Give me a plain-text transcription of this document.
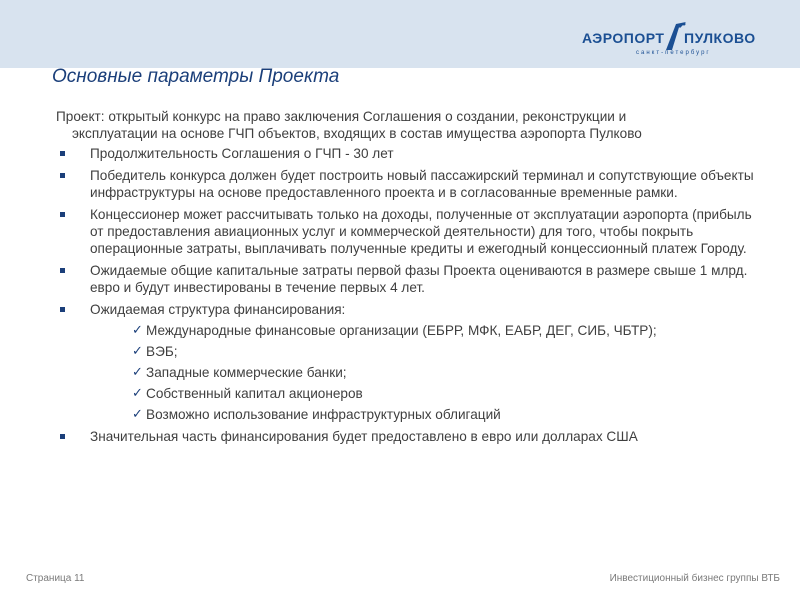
АЭРОПОРТ ПУЛКОВО
санкт-петербург
Основные параметры Проекта
Проект: открытый конкурс на право заключения Соглашения о создании, реконструкции и
эксплуатации на основе ГЧП объектов, входящих в состав имущества аэропорта Пулково
Продолжительность Соглашения о ГЧП - 30 лет
Победитель конкурса должен будет построить новый пассажирский терминал и сопутствующие объекты инфраструктуры на основе предоставленного проекта и в согласованные временные рамки.
Концессионер может рассчитывать только на доходы, полученные от эксплуатации аэропорта (прибыль от предоставления авиационных услуг и коммерческой деятельности) для того, чтобы покрыть операционные затраты, выплачивать полученные кредиты и ежегодный концессионный платеж Городу.
Ожидаемые общие капитальные затраты первой фазы Проекта оцениваются в размере свыше 1 млрд. евро и будут инвестированы в течение первых 4 лет.
Ожидаемая структура финансирования:
✓ Международные финансовые организации (ЕБРР, МФК, ЕАБР, ДЕГ, СИБ, ЧБТР);
✓ ВЭБ;
✓ Западные коммерческие банки;
✓ Собственный капитал акционеров
✓ Возможно использование инфраструктурных облигаций
Значительная часть финансирования будет предоставлено в евро или долларах США
Страница 11	Инвестиционный бизнес группы ВТБ
